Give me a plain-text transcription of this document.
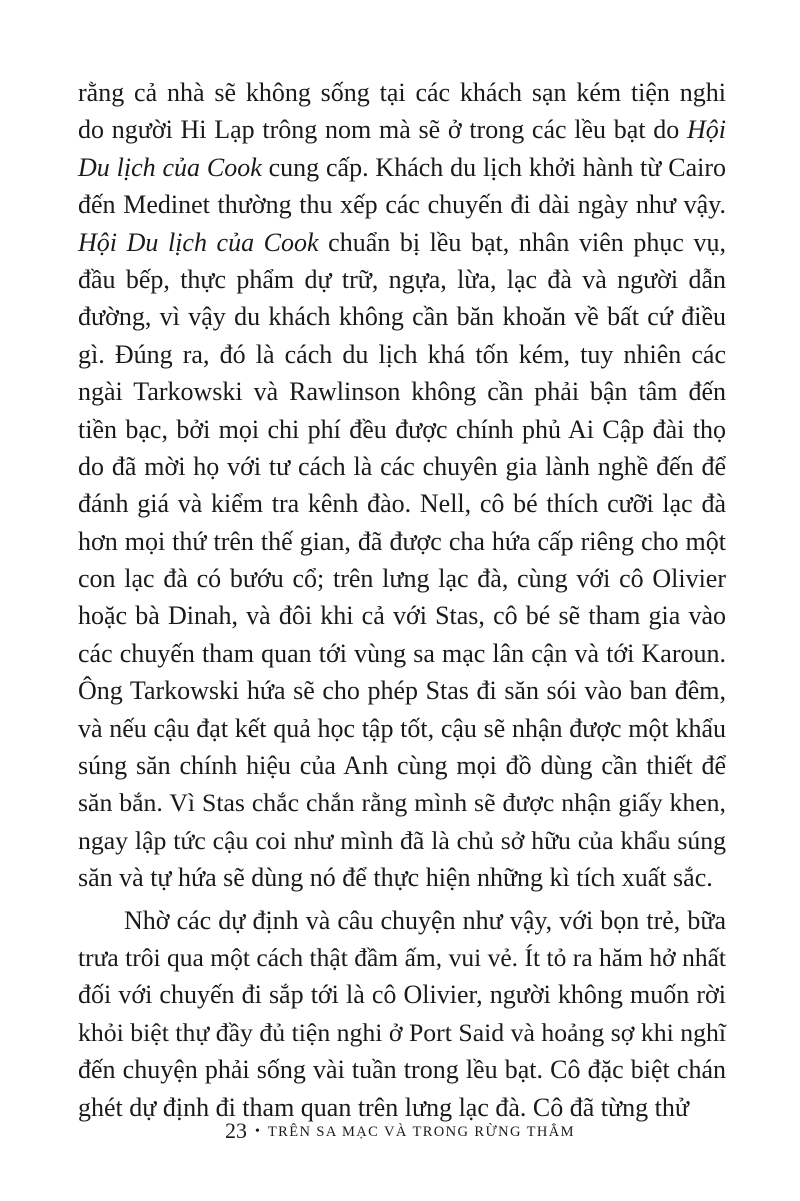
rằng cả nhà sẽ không sống tại các khách sạn kém tiện nghi
do người Hi Lạp trông nom mà sẽ ở trong các lều bạt do Hội
Du lịch của Cook cung cấp. Khách du lịch khởi hành từ Cairo
đến Medinet thường thu xếp các chuyến đi dài ngày như vậy.
Hội Du lịch của Cook chuẩn bị lều bạt, nhân viên phục vụ,
đầu bếp, thực phẩm dự trữ, ngựa, lừa, lạc đà và người dẫn
đường, vì vậy du khách không cần băn khoăn về bất cứ điều
gì. Đúng ra, đó là cách du lịch khá tốn kém, tuy nhiên các
ngài Tarkowski và Rawlinson không cần phải bận tâm đến
tiền bạc, bởi mọi chi phí đều được chính phủ Ai Cập đài thọ
do đã mời họ với tư cách là các chuyên gia lành nghề đến để
đánh giá và kiểm tra kênh đào. Nell, cô bé thích cưỡi lạc đà
hơn mọi thứ trên thế gian, đã được cha hứa cấp riêng cho một
con lạc đà có bướu cổ; trên lưng lạc đà, cùng với cô Olivier
hoặc bà Dinah, và đôi khi cả với Stas, cô bé sẽ tham gia vào
các chuyến tham quan tới vùng sa mạc lân cận và tới Karoun.
Ông Tarkowski hứa sẽ cho phép Stas đi săn sói vào ban đêm,
và nếu cậu đạt kết quả học tập tốt, cậu sẽ nhận được một khẩu
súng săn chính hiệu của Anh cùng mọi đồ dùng cần thiết để
săn bắn. Vì Stas chắc chắn rằng mình sẽ được nhận giấy khen,
ngay lập tức cậu coi như mình đã là chủ sở hữu của khẩu súng
săn và tự hứa sẽ dùng nó để thực hiện những kì tích xuất sắc.
Nhờ các dự định và câu chuyện như vậy, với bọn trẻ, bữa
trưa trôi qua một cách thật đầm ấm, vui vẻ. Ít tỏ ra hăm hở nhất
đối với chuyến đi sắp tới là cô Olivier, người không muốn rời
khỏi biệt thự đầy đủ tiện nghi ở Port Said và hoảng sợ khi nghĩ
đến chuyện phải sống vài tuần trong lều bạt. Cô đặc biệt chán
ghét dự định đi tham quan trên lưng lạc đà. Cô đã từng thử
23 • TRÊN SA MẠC VÀ TRONG RỪNG THẲM
